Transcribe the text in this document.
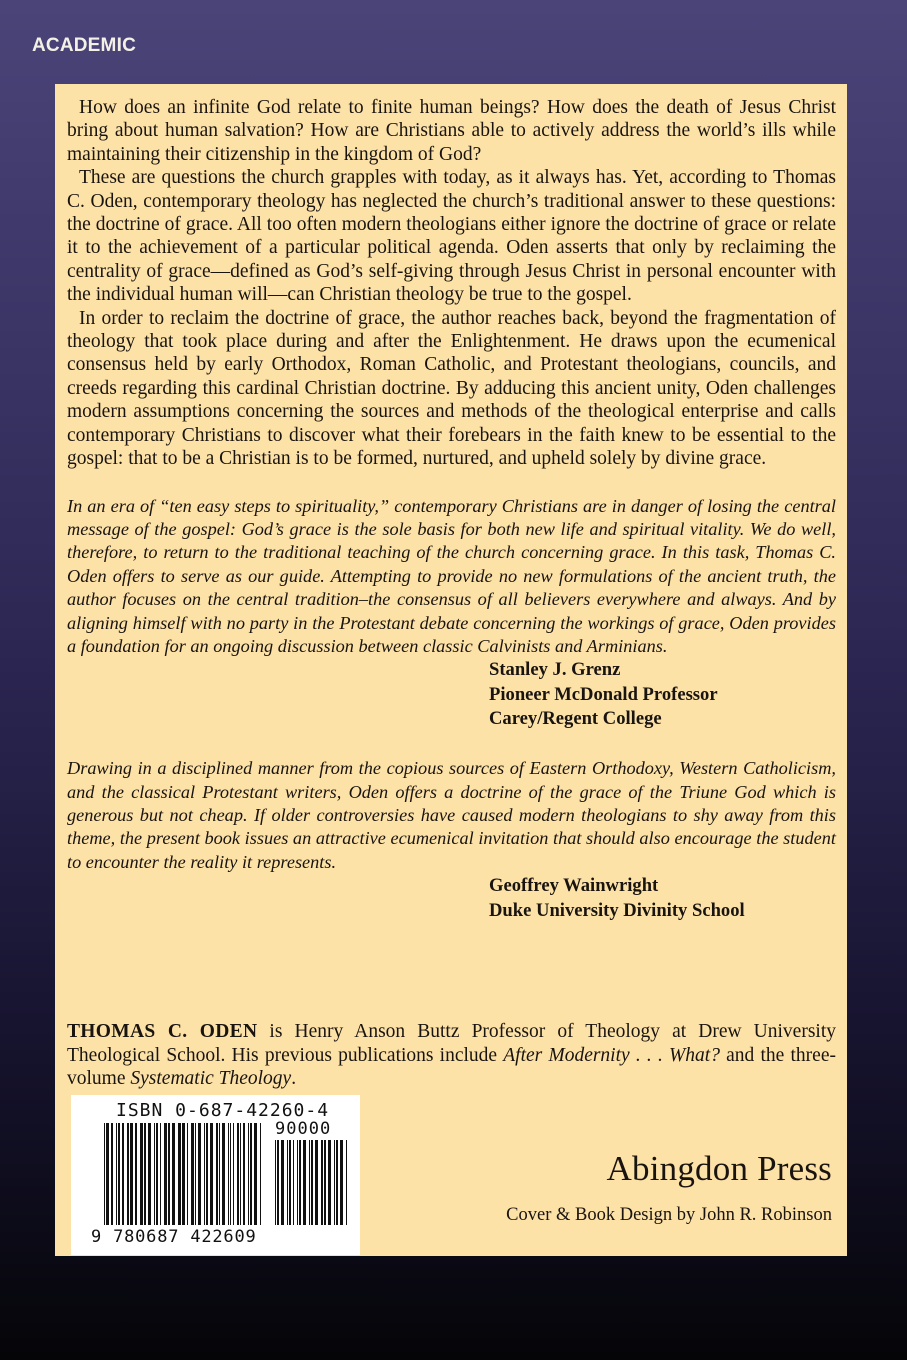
ACADEMIC

How does an infinite God relate to finite human beings? How does the death of Jesus Christ bring about human salvation? How are Christians able to actively address the world’s ills while maintaining their citizenship in the kingdom of God?

These are questions the church grapples with today, as it always has. Yet, according to Thomas C. Oden, contemporary theology has neglected the church’s traditional answer to these questions: the doctrine of grace. All too often modern theologians either ignore the doctrine of grace or relate it to the achievement of a particular political agenda. Oden asserts that only by reclaiming the centrality of grace—defined as God’s self-giving through Jesus Christ in personal encounter with the individual human will—can Christian theology be true to the gospel.

In order to reclaim the doctrine of grace, the author reaches back, beyond the fragmentation of theology that took place during and after the Enlightenment. He draws upon the ecumenical consensus held by early Orthodox, Roman Catholic, and Protestant theologians, councils, and creeds regarding this cardinal Christian doctrine. By adducing this ancient unity, Oden challenges modern assumptions concerning the sources and methods of the theological enterprise and calls contemporary Christians to discover what their forebears in the faith knew to be essential to the gospel: that to be a Christian is to be formed, nurtured, and upheld solely by divine grace.

In an era of “ten easy steps to spirituality,” contemporary Christians are in danger of losing the central message of the gospel: God’s grace is the sole basis for both new life and spiritual vitality. We do well, therefore, to return to the traditional teaching of the church concerning grace. In this task, Thomas C. Oden offers to serve as our guide. Attempting to provide no new formulations of the ancient truth, the author focuses on the central tradition–the consensus of all believers everywhere and always. And by aligning himself with no party in the Protestant debate concerning the workings of grace, Oden provides a foundation for an ongoing discussion between classic Calvinists and Arminians.
Stanley J. Grenz
Pioneer McDonald Professor
Carey/Regent College
Drawing in a disciplined manner from the copious sources of Eastern Orthodoxy, Western Catholicism, and the classical Protestant writers, Oden offers a doctrine of the grace of the Triune God which is generous but not cheap. If older controversies have caused modern theologians to shy away from this theme, the present book issues an attractive ecumenical invitation that should also encourage the student to encounter the reality it represents.
Geoffrey Wainwright
Duke University Divinity School
THOMAS C. ODEN is Henry Anson Buttz Professor of Theology at Drew University Theological School. His previous publications include After Modernity . . . What? and the three-volume Systematic Theology.
ISBN 0-687-42260-4
90000
9 780687 422609
Abingdon Press
Cover & Book Design by John R. Robinson
